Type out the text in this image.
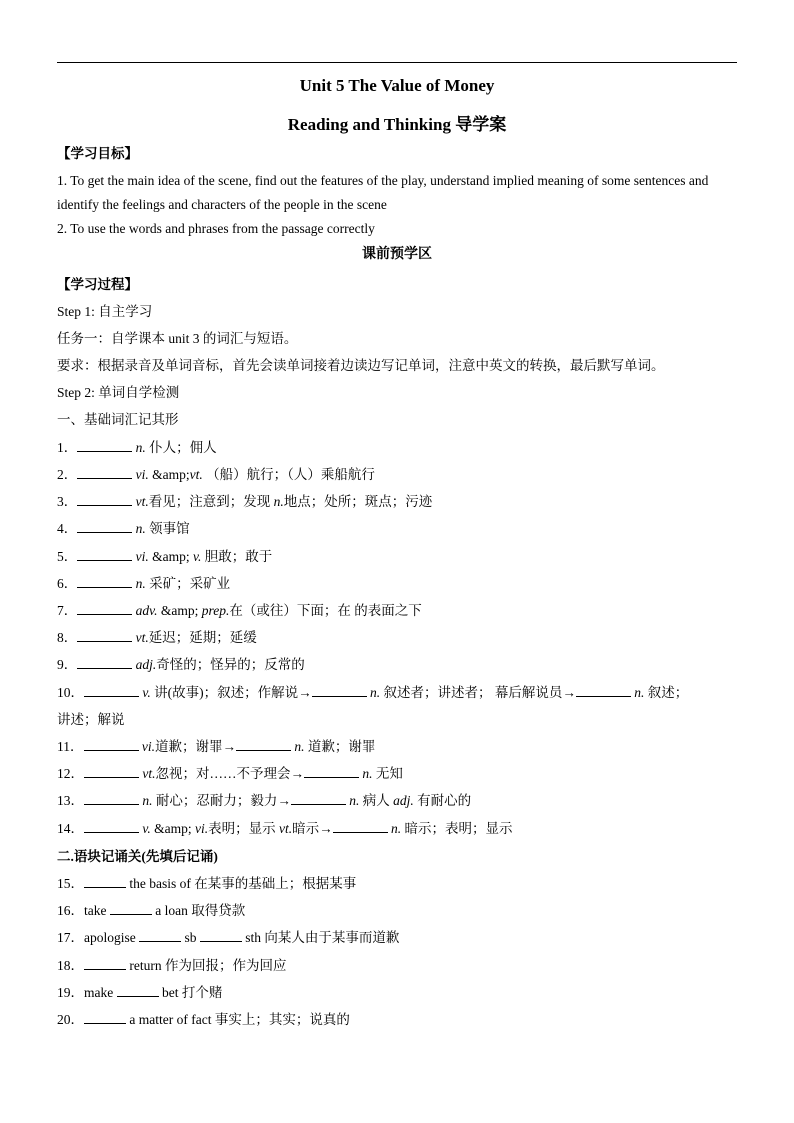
Unit 5 The Value of Money
Reading and Thinking 导学案
【学习目标】
1. To get the main idea of the scene, find out the features of the play, understand implied meaning of some sentences and
identify the feelings and characters of the people in the scene
2. To use the words and phrases from the passage correctly
课前预学区
【学习过程】
Step 1: 自主学习
任务一：自学课本 unit 3 的词汇与短语。
要求：根据录音及单词音标，首先会读单词接着边读边写记单词，注意中英文的转换，最后默写单词。
Step 2: 单词自学检测
一、基础词汇记其形
1．	n. 仆人；佣人
2．	vi. &amp;vt. （船）航行；（人）乘船航行
3．	vt.看见；注意到；发现 n.地点；处所；斑点；污迹
4．	n. 领事馆
5．	vi. &amp; v. 胆敢；敢于
6．	n. 采矿；采矿业
7．	adv. &amp; prep.在（或往）下面；在 的表面之下
8．	vt.延迟；延期；延缓
9．	adj.奇怪的；怪异的；反常的
10．	v. 讲(故事)；叙述；作解说→	n. 叙述者；讲述者； 幕后解说员→	n. 叙述；
讲述；解说
11．	vi.道歉；谢罪→	n. 道歉；谢罪
12．	vt.忽视；对……不予理会→	n. 无知
13．	n. 耐心；忍耐力；毅力→	n. 病人 adj. 有耐心的
14．	v. &amp; vi.表明；显示 vt.暗示→	n. 暗示；表明；显示
二.语块记诵关(先填后记诵)
15．	the basis of 在某事的基础上；根据某事
16．take	a loan 取得贷款
17．apologise	sb	sth 向某人由于某事而道歉
18．	return 作为回报；作为回应
19．make	bet 打个赌
20．	a matter of fact 事实上；其实；说真的
